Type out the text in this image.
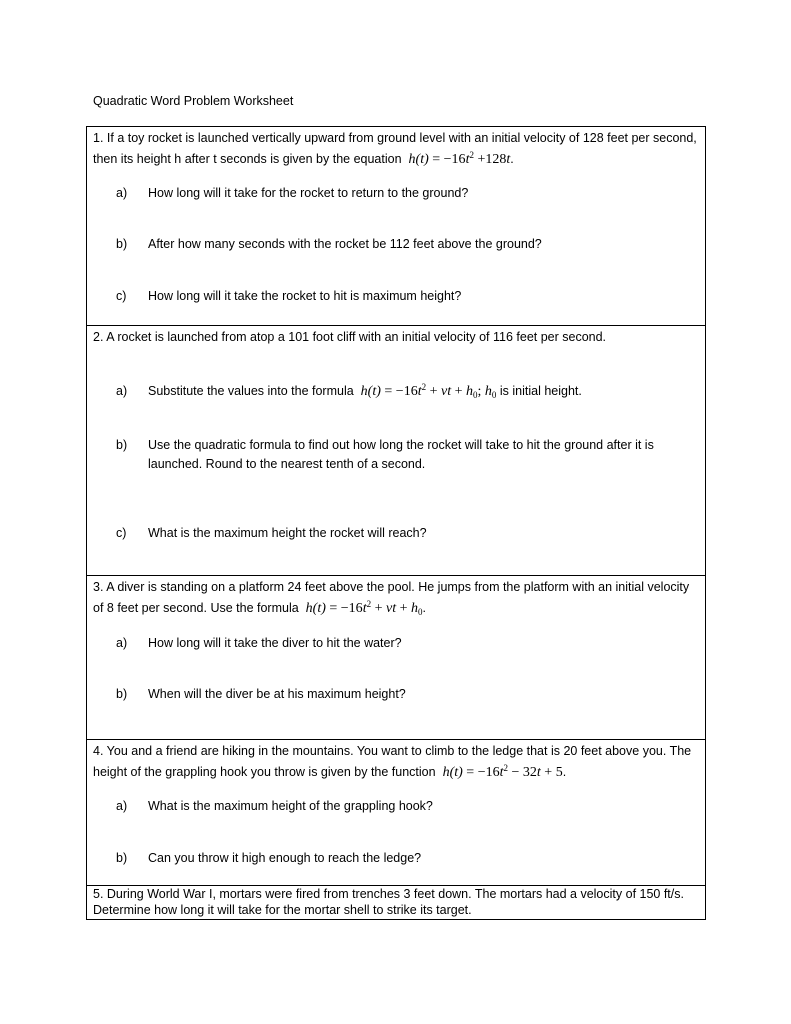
Quadratic Word Problem Worksheet
1. If a toy rocket is launched vertically upward from ground level with an initial velocity of 128 feet per second, then its height h after t seconds is given by the equation $h(t) = -16t^2 +128t$.
a)	How long will it take for the rocket to return to the ground?
b)	After how many seconds with the rocket be 112 feet above the ground?
c)	How long will it take the rocket to hit is maximum height?
2. A rocket is launched from atop a 101 foot cliff with an initial velocity of 116 feet per second.
a)	Substitute the values into the formula $h(t) = -16t^2$ + vt + $h_0$; $h_0$ is initial height.
b)	Use the quadratic formula to find out how long the rocket will take to hit the ground after it is launched. Round to the nearest tenth of a second.
c)	What is the maximum height the rocket will reach?
3. A diver is standing on a platform 24 feet above the pool. He jumps from the platform with an initial velocity of 8 feet per second. Use the formula $h(t) = -16t^2$ + vt + $h_0$.
a)	How long will it take the diver to hit the water?
b)	When will the diver be at his maximum height?
4. You and a friend are hiking in the mountains. You want to climb to the ledge that is 20 feet above you. The height of the grappling hook you throw is given by the function $h(t) = -16t^2 - 32t + 5$.
a)	What is the maximum height of the grappling hook?
b)	Can you throw it high enough to reach the ledge?
5. During World War I, mortars were fired from trenches 3 feet down. The mortars had a velocity of 150 ft/s. Determine how long it will take for the mortar shell to strike its target.
